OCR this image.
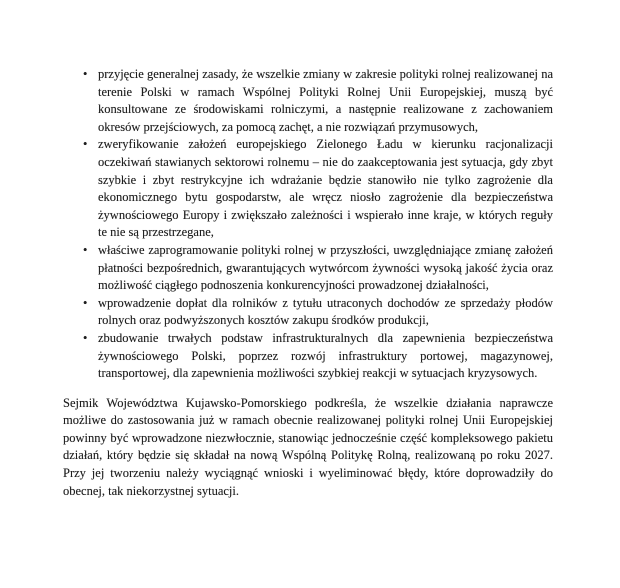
• przyjęcie generalnej zasady, że wszelkie zmiany w zakresie polityki rolnej realizowanej na terenie Polski w ramach Wspólnej Polityki Rolnej Unii Europejskiej, muszą być konsultowane ze środowiskami rolniczymi, a następnie realizowane z zachowaniem okresów przejściowych, za pomocą zachęt, a nie rozwiązań przymusowych,
• zweryfikowanie założeń europejskiego Zielonego Ładu w kierunku racjonalizacji oczekiwań stawianych sektorowi rolnemu – nie do zaakceptowania jest sytuacja, gdy zbyt szybkie i zbyt restrykcyjne ich wdrażanie będzie stanowiło nie tylko zagrożenie dla ekonomicznego bytu gospodarstw, ale wręcz niosło zagrożenie dla bezpieczeństwa żywnościowego Europy i zwiększało zależności i wspierało inne kraje, w których reguły te nie są przestrzegane,
• właściwe zaprogramowanie polityki rolnej w przyszłości, uwzględniające zmianę założeń płatności bezpośrednich, gwarantujących wytwórcom żywności wysoką jakość życia oraz możliwość ciągłego podnoszenia konkurencyjności prowadzonej działalności,
• wprowadzenie dopłat dla rolników z tytułu utraconych dochodów ze sprzedaży płodów rolnych oraz podwyższonych kosztów zakupu środków produkcji,
• zbudowanie trwałych podstaw infrastrukturalnych dla zapewnienia bezpieczeństwa żywnościowego Polski, poprzez rozwój infrastruktury portowej, magazynowej, transportowej, dla zapewnienia możliwości szybkiej reakcji w sytuacjach kryzysowych.

Sejmik Województwa Kujawsko-Pomorskiego podkreśla, że wszelkie działania naprawcze możliwe do zastosowania już w ramach obecnie realizowanej polityki rolnej Unii Europejskiej powinny być wprowadzone niezwłocznie, stanowiąc jednocześnie część kompleksowego pakietu działań, który będzie się składał na nową Wspólną Politykę Rolną, realizowaną po roku 2027. Przy jej tworzeniu należy wyciągnąć wnioski i wyeliminować błędy, które doprowadziły do obecnej, tak niekorzystnej sytuacji.
